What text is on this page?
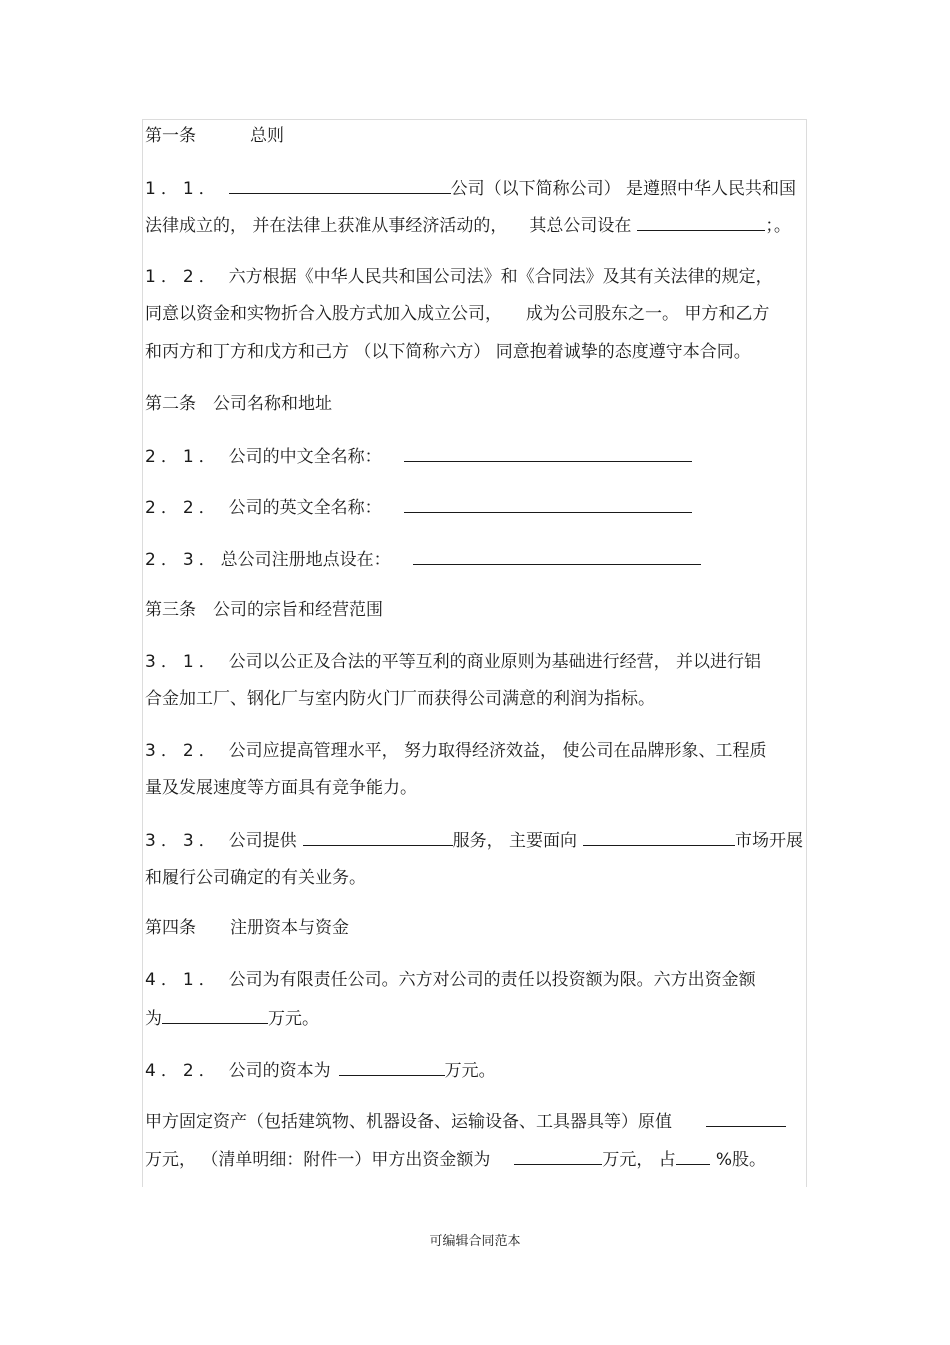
第一条	总则
1．1．	公司（以下简称公司） 是遵照中华人民共和国
法律成立的， 并在法律上获准从事经济活动的， 其总公司设在	；。
1．2． 六方根据《中华人民共和国公司法》和《合同法》及其有关法律的规定，
同意以资金和实物折合入股方式加入成立公司， 成为公司股东之一。 甲方和乙方
和丙方和丁方和戊方和己方 （以下简称六方） 同意抱着诚挚的态度遵守本合同。
第二条　公司名称和地址
2．1． 公司的中文全名称：
2．2． 公司的英文全名称：
2．3．总公司注册地点设在：
第三条　公司的宗旨和经营范围
3．1． 公司以公正及合法的平等互利的商业原则为基础进行经营， 并以进行铝
合金加工厂、钢化厂与室内防火门厂而获得公司满意的利润为指标。
3．2． 公司应提高管理水平， 努力取得经济效益， 使公司在品牌形象、工程质
量及发展速度等方面具有竞争能力。
3．3． 公司提供	服务， 主要面向	市场开展
和履行公司确定的有关业务。
第四条 注册资本与资金
4．1． 公司为有限责任公司。六方对公司的责任以投资额为限。六方出资金额
为	万元。
4．2． 公司的资本为	万元。
甲方固定资产（包括建筑物、机器设备、运输设备、工具器具等）原值
万元， （清单明细：附件一）甲方出资金额为	万元， 占 %股。
可编辑合同范本
